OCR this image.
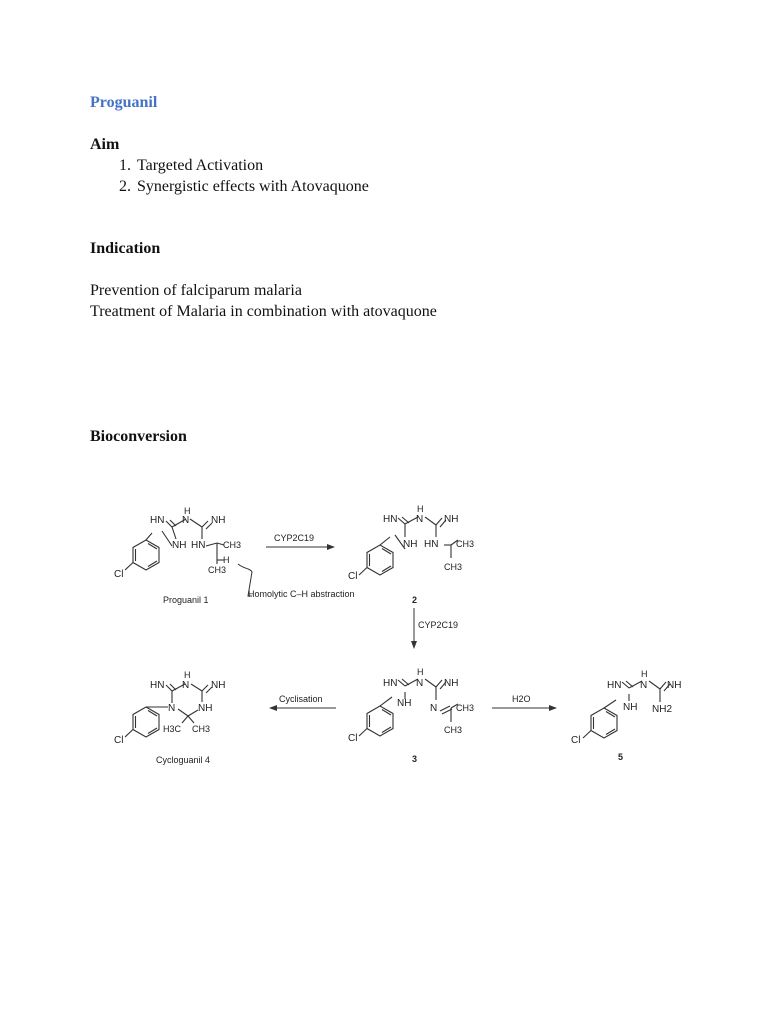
Proguanil
Aim
1. Targeted Activation
2. Synergistic effects with Atovaquone
Indication
Prevention of falciparum malaria
Treatment of Malaria in combination with atovaquone
Bioconversion
H
HN N NH
NH HN CH3
H
CH3
Cl
Proguanil 1
Homolytic C–H abstraction
CYP2C19
H
HN N NH
NH HN CH3
CH3
Cl
2
CYP2C19
H
HN N NH
NH N CH3
CH3
Cl
3
Cyclisation	H2O
H
HN N NH
N NH
H3C CH3
Cl
Cycloguanil 4
H
HN N NH
NH NH2
Cl
5
